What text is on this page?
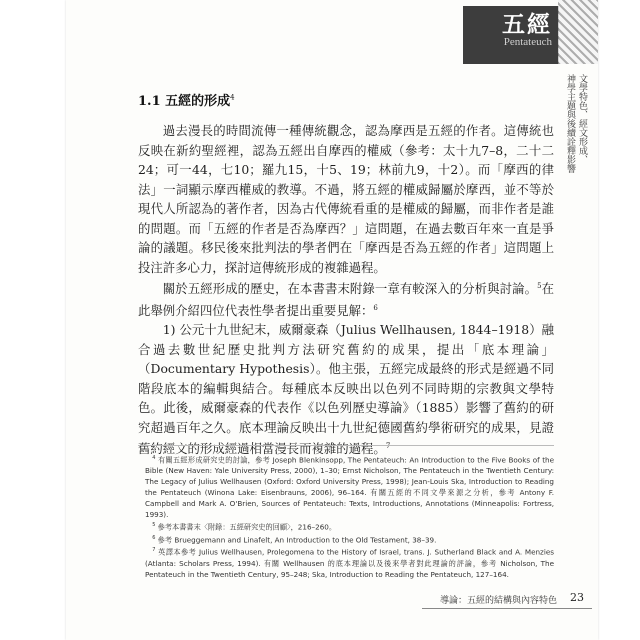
五經
Pentateuch
文學特色、經文形成、
神學主題與後續詮釋影響
1.1 五經的形成$^4$

過去漫長的時間流傳一種傳統觀念，認為摩西是五經的作者。這傳統也反映在新約聖經裡，認為五經出自摩西的權威（參考：太十九7–8，二十二24；可一44，七10；羅九15，十5、19；林前九9，十2）。而「摩西的律法」一詞顯示摩西權威的教導。不過，將五經的權威歸屬於摩西，並不等於現代人所認為的著作者，因為古代傳統看重的是權威的歸屬，而非作者是誰的問題。而「五經的作者是否為摩西？」這問題，在過去數百年來一直是爭論的議題。移民後來批判法的學者們在「摩西是否為五經的作者」這問題上投注許多心力，探討這傳統形成的複雜過程。

關於五經形成的歷史，在本書書末附錄一章有較深入的分析與討論。$^5$在此舉例介紹四位代表性學者提出重要見解：$^6$

1) 公元十九世紀末，威爾豪森（Julius Wellhausen, 1844–1918）融合過去數世紀歷史批判方法研究舊約的成果，提出「底本理論」（Documentary Hypothesis）。他主張，五經完成最終的形式是經過不同階段底本的編輯與結合。每種底本反映出以色列不同時期的宗教與文學特色。此後，威爾豪森的代表作《以色列歷史導論》（1885）影響了舊約的研究超過百年之久。底本理論反映出十九世紀德國舊約學術研究的成果，見證舊約經文的形成經過相當漫長而複雜的過程。$^7$

$^4$ 有關五經形成研究史的討論，參考 Joseph Blenkinsopp, The Pentateuch: An Introduction to the Five Books of the Bible (New Haven: Yale University Press, 2000), 1–30; Ernst Nicholson, The Pentateuch in the Twentieth Century: The Legacy of Julius Wellhausen (Oxford: Oxford University Press, 1998); Jean-Louis Ska, Introduction to Reading the Pentateuch (Winona Lake: Eisenbrauns, 2006), 96–164. 有關五經的不同文學來源之分析，參考 Antony F. Campbell and Mark A. O'Brien, Sources of Pentateuch: Texts, Introductions, Annotations (Minneapolis: Fortress, 1993).

$^5$ 參考本書書末〈附錄：五經研究史的回顧〉，216–260。

$^6$ 參考 Brueggemann and Linafelt, An Introduction to the Old Testament, 38–39.

$^7$ 英譯本參考 Julius Wellhausen, Prolegomena to the History of Israel, trans. J. Sutherland Black and A. Menzies (Atlanta: Scholars Press, 1994). 有關 Wellhausen 的底本理論以及後來學者對此理論的評論，參考 Nicholson, The Pentateuch in the Twentieth Century, 95–248; Ska, Introduction to Reading the Pentateuch, 127–164.

導論：五經的結構與內容特色 23
